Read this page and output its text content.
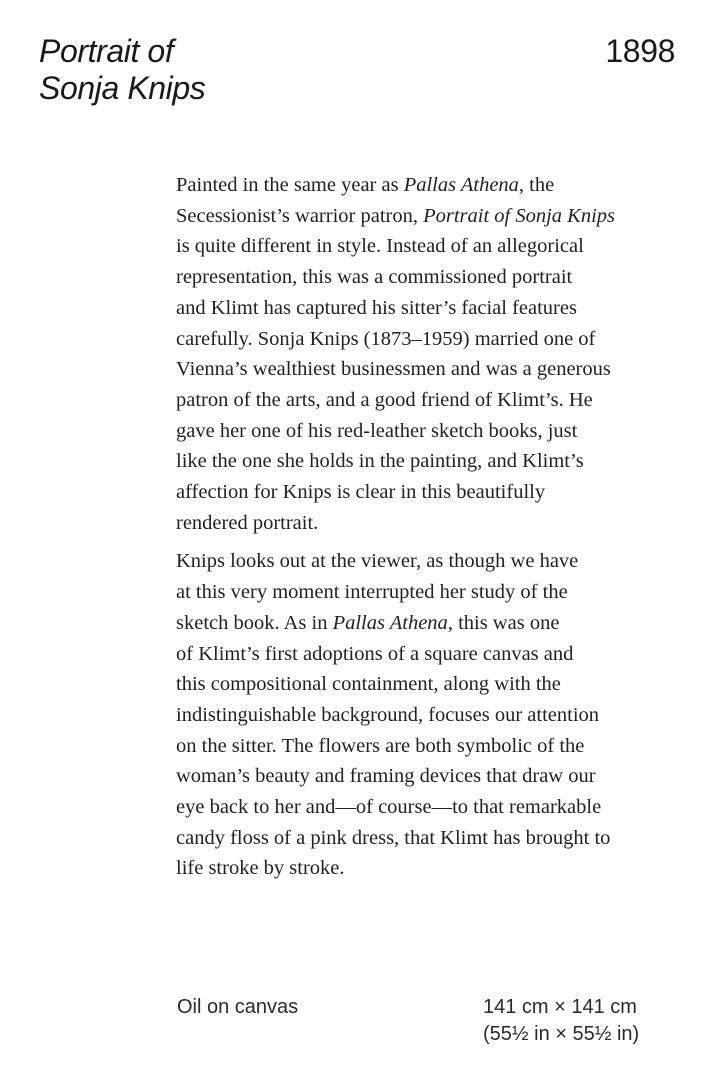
Portrait of
Sonja Knips
1898
Painted in the same year as Pallas Athena, the
Secessionist’s warrior patron, Portrait of Sonja Knips
is quite different in style. Instead of an allegorical
representation, this was a commissioned portrait
and Klimt has captured his sitter’s facial features
carefully. Sonja Knips (1873–1959) married one of
Vienna’s wealthiest businessmen and was a generous
patron of the arts, and a good friend of Klimt’s. He
gave her one of his red-leather sketch books, just
like the one she holds in the painting, and Klimt’s
affection for Knips is clear in this beautifully
rendered portrait.
Knips looks out at the viewer, as though we have
at this very moment interrupted her study of the
sketch book. As in Pallas Athena, this was one
of Klimt’s first adoptions of a square canvas and
this compositional containment, along with the
indistinguishable background, focuses our attention
on the sitter. The flowers are both symbolic of the
woman’s beauty and framing devices that draw our
eye back to her and—of course—to that remarkable
candy floss of a pink dress, that Klimt has brought to
life stroke by stroke.
Oil on canvas	141 cm × 141 cm
(55½ in × 55½ in)
